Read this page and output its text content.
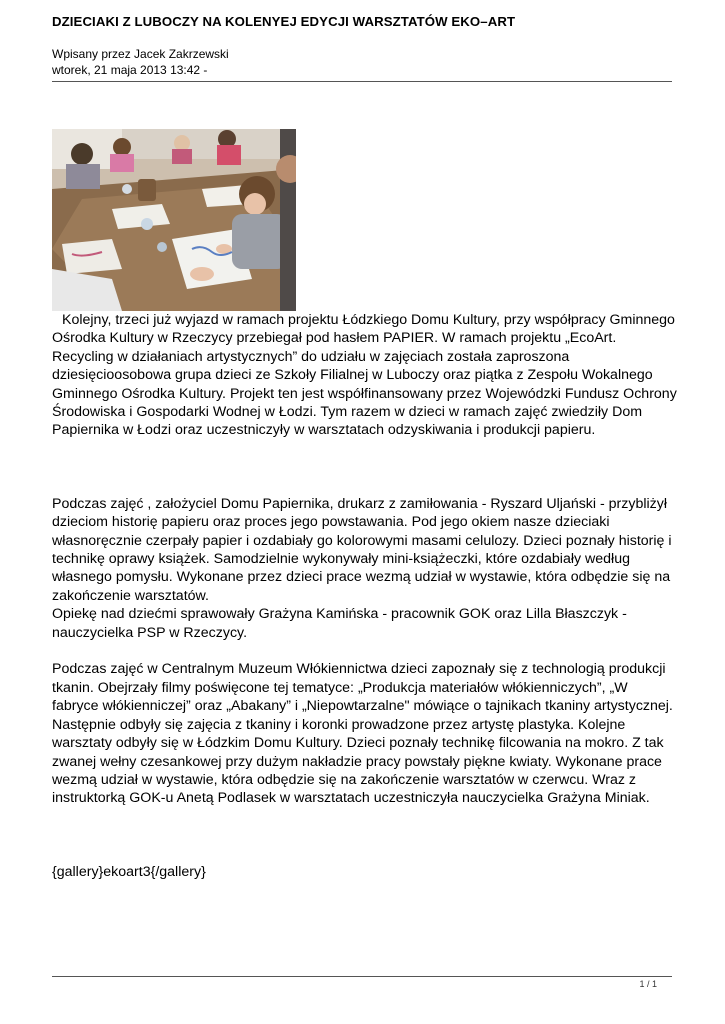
DZIECIAKI Z LUBOCZY NA KOLENYEJ EDYCJI WARSZTATÓW EKO–ART
Wpisany przez Jacek Zakrzewski
wtorek, 21 maja 2013 13:42 -

Kolejny, trzeci już wyjazd w ramach projektu Łódzkiego Domu Kultury, przy współpracy Gminnego Ośrodka Kultury w Rzeczycy przebiegał pod hasłem PAPIER. W ramach projektu „EcoArt. Recycling w działaniach artystycznych” do udziału w zajęciach została zaproszona dziesięcioosobowa grupa dzieci ze Szkoły Filialnej w Luboczy oraz piątka z Zespołu Wokalnego Gminnego Ośrodka Kultury. Projekt ten jest współfinansowany przez Wojewódzki Fundusz Ochrony Środowiska i Gospodarki Wodnej w Łodzi. Tym razem w dzieci w ramach zajęć zwiedziły Dom Papiernika w Łodzi oraz uczestniczyły w warsztatach odzyskiwania i produkcji papieru.

Podczas zajęć , założyciel Domu Papiernika, drukarz z zamiłowania - Ryszard Uljański - przybliżył dzieciom historię papieru oraz proces jego powstawania. Pod jego okiem nasze dzieciaki własnoręcznie czerpały papier i ozdabiały go kolorowymi masami celulozy. Dzieci poznały historię i technikę oprawy książek. Samodzielnie wykonywały mini-książeczki, które ozdabiały według własnego pomysłu. Wykonane przez dzieci prace wezmą udział w wystawie, która odbędzie się na zakończenie warsztatów.

Opiekę nad dziećmi sprawowały Grażyna Kamińska - pracownik GOK oraz Lilla Błaszczyk - nauczycielka PSP w Rzeczycy.

Podczas zajęć w Centralnym Muzeum Włókiennictwa dzieci zapoznały się z technologią produkcji tkanin. Obejrzały filmy poświęcone tej tematyce: „Produkcja materiałów włókienniczych”, „W fabryce włókienniczej” oraz „Abakany” i „Niepowtarzalne" mówiące o tajnikach tkaniny artystycznej. Następnie odbyły się zajęcia z tkaniny i koronki prowadzone przez artystę plastyka. Kolejne warsztaty odbyły się w Łódzkim Domu Kultury. Dzieci poznały technikę filcowania na mokro. Z tak zwanej wełny czesankowej przy dużym nakładzie pracy powstały piękne kwiaty. Wykonane prace wezmą udział w wystawie, która odbędzie się na zakończenie warsztatów w czerwcu. Wraz z instruktorką GOK-u Anetą Podlasek w warsztatach uczestniczyła nauczycielka Grażyna Miniak.

{gallery}ekoart3{/gallery}

1 / 1
